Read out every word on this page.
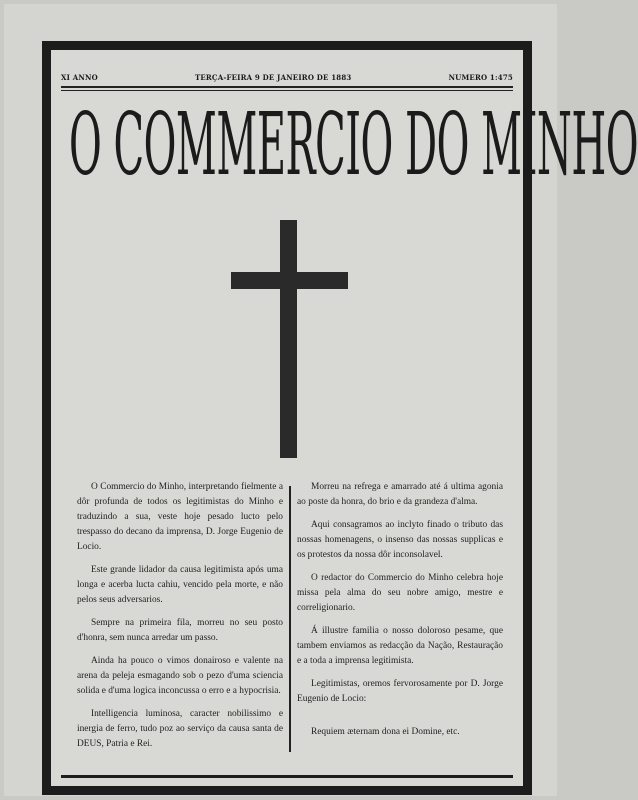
XI ANNO	TERÇA-FEIRA 9 DE JANEIRO DE 1883	NUMERO 1:475
O COMMERCIO DO MINHO

O Commercio do Minho, interpretando fielmente a dôr profunda de todos os legitimistas do Minho e traduzindo a sua, veste hoje pesado lucto pelo trespasso do decano da imprensa, D. Jorge Eugenio de Locio.

Este grande lidador da causa legitimista após uma longa e acerba lucta cahiu, vencido pela morte, e não pelos seus adversarios.

Sempre na primeira fila, morreu no seu posto d'honra, sem nunca arredar um passo.

Ainda ha pouco o vimos donairoso e valente na arena da peleja esmagando sob o pezo d'uma sciencia solida e d'uma logica inconcussa o erro e a hypocrisia.

Intelligencia luminosa, caracter nobilissimo e inergia de ferro, tudo poz ao serviço da causa santa de DEUS, Patria e Rei.

Morreu na refrega e amarrado até á ultima agonia ao poste da honra, do brio e da grandeza d'alma.

Aqui consagramos ao inclyto finado o tributo das nossas homenagens, o insenso das nossas supplicas e os protestos da nossa dôr inconsolavel.

O redactor do Commercio do Minho celebra hoje missa pela alma do seu nobre amigo, mestre e correligionario.

Á illustre familia o nosso doloroso pesame, que tambem enviamos as redacção da Nação, Restauração e a toda a imprensa legitimista.

Legitimistas, oremos fervorosamente por D. Jorge Eugenio de Locio:

Requiem æternam dona ei Domine, etc.
